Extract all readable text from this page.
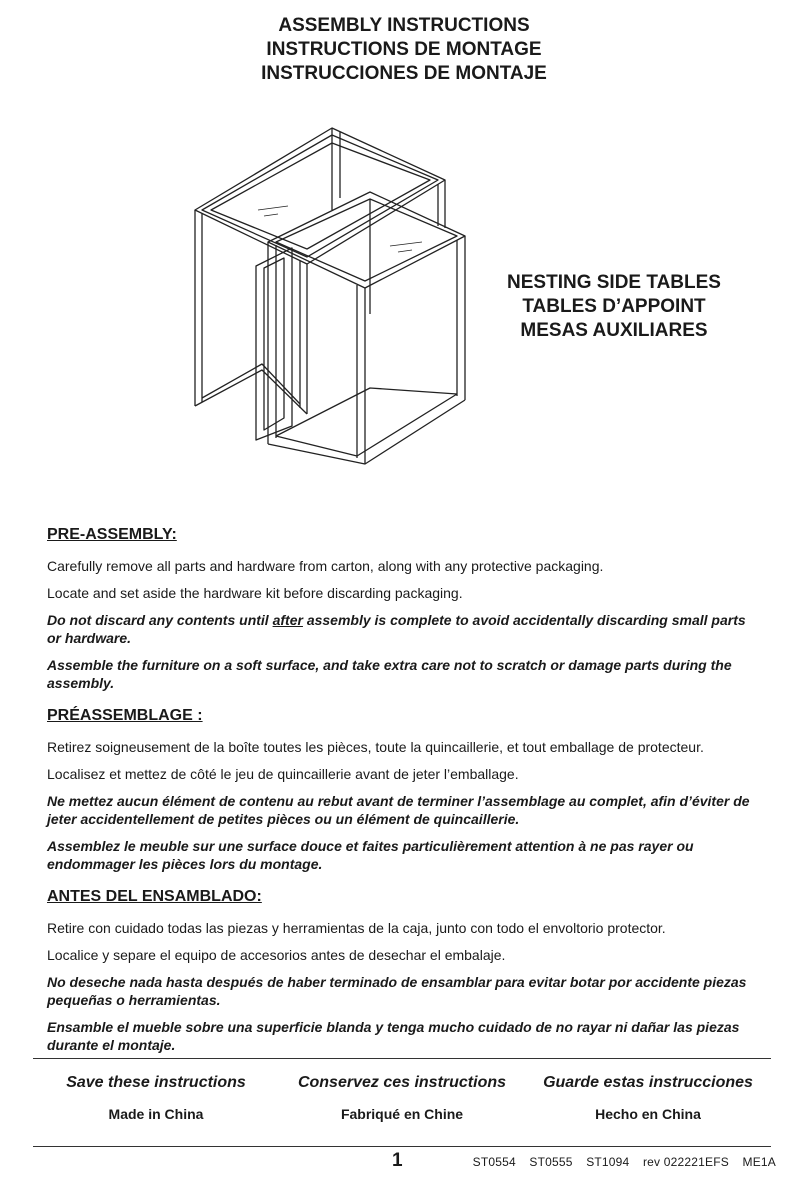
ASSEMBLY INSTRUCTIONS
INSTRUCTIONS DE MONTAGE
INSTRUCCIONES DE MONTAJE
NESTING SIDE TABLES
TABLES D’APPOINT
MESAS AUXILIARES
PRE-ASSEMBLY:

Carefully remove all parts and hardware from carton, along with any protective packaging.

Locate and set aside the hardware kit before discarding packaging.

Do not discard any contents until after assembly is complete to avoid accidentally discarding small parts or hardware.

Assemble the furniture on a soft surface, and take extra care not to scratch or damage parts during the assembly.

PRÉASSEMBLAGE :

Retirez soigneusement de la boîte toutes les pièces, toute la quincaillerie, et tout emballage de protecteur.

Localisez et mettez de côté le jeu de quincaillerie avant de jeter l’emballage.

Ne mettez aucun élément de contenu au rebut avant de terminer l’assemblage au complet, afin d’éviter de jeter accidentellement de petites pièces ou un élément de quincaillerie.

Assemblez le meuble sur une surface douce et faites particulièrement attention à ne pas rayer ou endommager les pièces lors du montage.

ANTES DEL ENSAMBLADO:

Retire con cuidado todas las piezas y herramientas de la caja, junto con todo el envoltorio protector.

Localice y separe el equipo de accesorios antes de desechar el embalaje.

No deseche nada hasta después de haber terminado de ensamblar para evitar botar por accidente piezas pequeñas o herramientas.

Ensamble el mueble sobre una superficie blanda y tenga mucho cuidado de no rayar ni dañar las piezas durante el montaje.

Save these instructions	Conservez ces instructions	Guarde estas instrucciones
Made in China	Fabriqué en Chine	Hecho en China
1	ST0554 ST0555 ST1094 rev 022221EFS ME1A
